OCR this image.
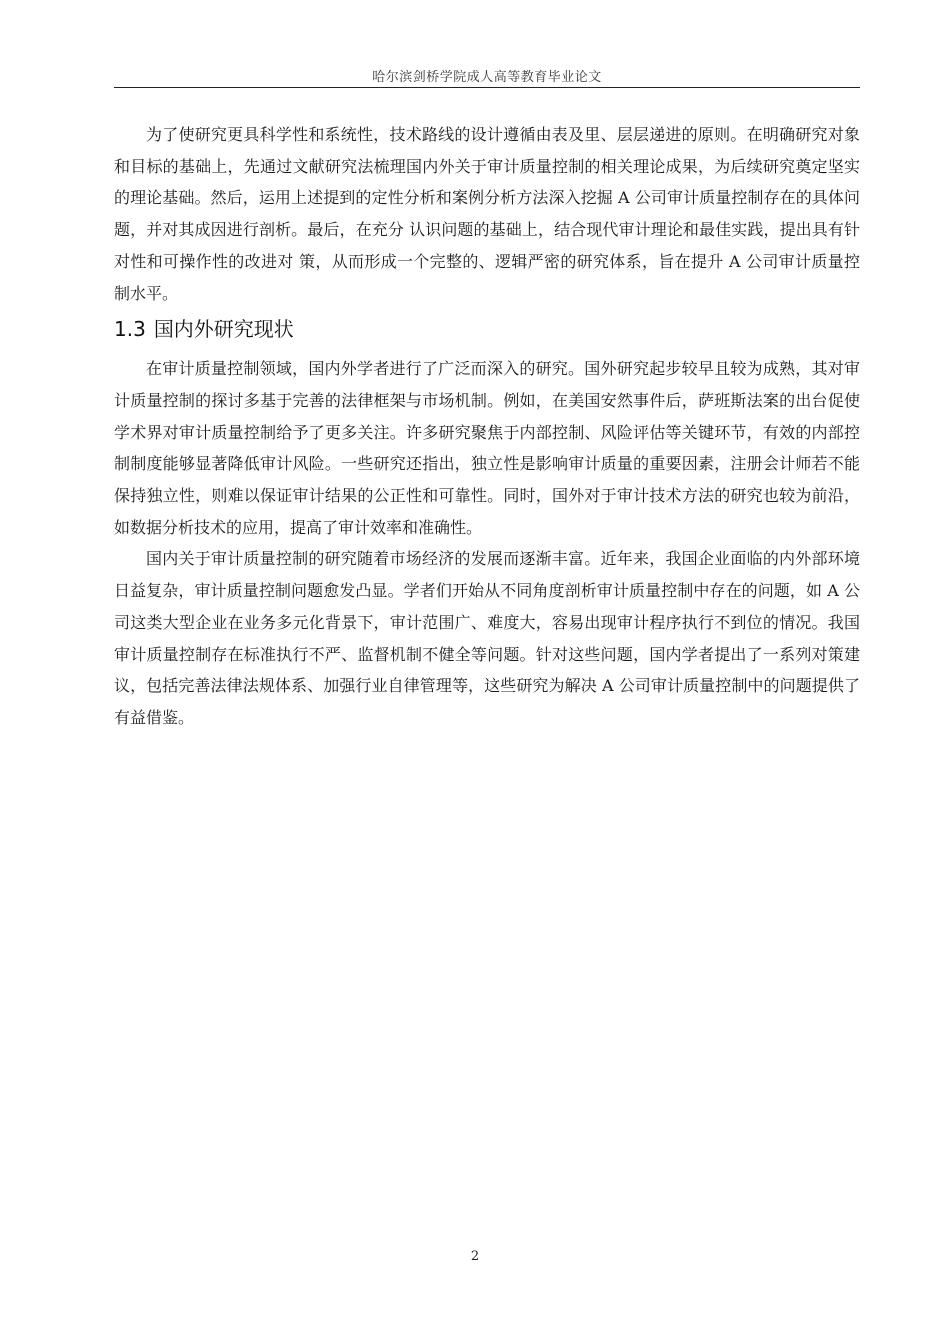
哈尔滨剑桥学院成人高等教育毕业论文

为了使研究更具科学性和系统性，技术路线的设计遵循由表及里、层层递进的原则。在明确研究对象和目标的基础上，先通过文献研究法梳理国内外关于审计质量控制的相关理论成果，为后续研究奠定坚实的理论基础。然后，运用上述提到的定性分析和案例分析方法深入挖掘 A 公司审计质量控制存在的具体问题，并对其成因进行剖析。最后，在充分 认识问题的基础上，结合现代审计理论和最佳实践，提出具有针对性和可操作性的改进对 策，从而形成一个完整的、逻辑严密的研究体系，旨在提升 A 公司审计质量控制水平。

1.3 国内外研究现状

在审计质量控制领域，国内外学者进行了广泛而深入的研究。国外研究起步较早且较为成熟，其对审计质量控制的探讨多基于完善的法律框架与市场机制。例如，在美国安然事件后，萨班斯法案的出台促使学术界对审计质量控制给予了更多关注。许多研究聚焦于内部控制、风险评估等关键环节，有效的内部控制制度能够显著降低审计风险。一些研究还指出，独立性是影响审计质量的重要因素，注册会计师若不能保持独立性，则难以保证审计结果的公正性和可靠性。同时，国外对于审计技术方法的研究也较为前沿，如数据分析技术的应用，提高了审计效率和准确性。

国内关于审计质量控制的研究随着市场经济的发展而逐渐丰富。近年来，我国企业面临的内外部环境日益复杂，审计质量控制问题愈发凸显。学者们开始从不同角度剖析审计质量控制中存在的问题，如 A 公司这类大型企业在业务多元化背景下，审计范围广、难度大，容易出现审计程序执行不到位的情况。我国审计质量控制存在标准执行不严、监督机制不健全等问题。针对这些问题，国内学者提出了一系列对策建议，包括完善法律法规体系、加强行业自律管理等，这些研究为解决 A 公司审计质量控制中的问题提供了有益借鉴。

2
